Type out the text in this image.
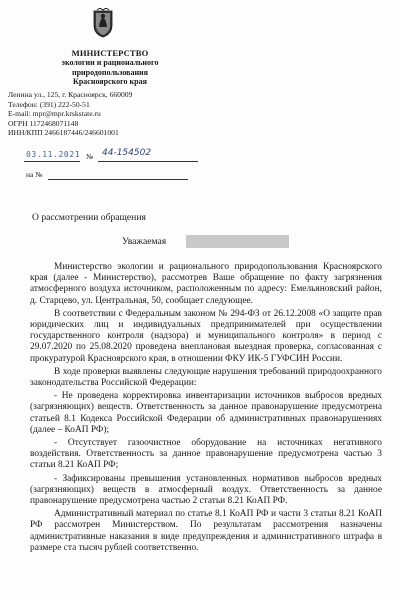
МИНИСТЕРСТВО
экологии и рационального
природопользования
Красноярского края
Ленина ул., 125, г. Красноярск, 660009
Телефон: (391) 222-50-51
E-mail: mpr@mpr.krskstate.ru
ОГРН 1172468071148
ИНН/КПП 2466187446/246601001
03.11.2021 № 44-154502
на №
О рассмотрении обращения
Уважаемая

Министерство экологии и рационального природопользования Красноярского края (далее - Министерство), рассмотрев Ваше обращение по факту загрязнения атмосферного воздуха источником, расположенным по адресу: Емельяновский район, д. Старцево, ул. Центральная, 50, сообщает следующее.

В соответствии с Федеральным законом № 294-ФЗ от 26.12.2008 «О защите прав юридических лиц и индивидуальных предпринимателей при осуществлении государственного контроля (надзора) и муниципального контроля» в период с 29.07.2020 по 25.08.2020 проведена внеплановая выездная проверка, согласованная с прокуратурой Красноярского края, в отношении ФКУ ИК-5 ГУФСИН России.

В ходе проверки выявлены следующие нарушения требований природоохранного законодательства Российской Федерации:

- Не проведена корректировка инвентаризации источников выбросов вредных (загрязняющих) веществ. Ответственность за данное правонарушение предусмотрена статьей 8.1 Кодекса Российской Федерации об административных правонарушениях (далее – КоАП РФ);

- Отсутствует газоочистное оборудование на источниках негативного воздействия. Ответственность за данное правонарушение предусмотрена частью 3 статьи 8.21 КоАП РФ;

- Зафиксированы превышения установленных нормативов выбросов вредных (загрязняющих) веществ в атмосферный воздух. Ответственность за данное правонарушение предусмотрена частью 2 статьи 8.21 КоАП РФ.

Административный материал по статье 8.1 КоАП РФ и части 3 статьи 8.21 КоАП РФ рассмотрен Министерством. По результатам рассмотрения назначены административные наказания в виде предупреждения и административного штрафа в размере ста тысяч рублей соответственно.
